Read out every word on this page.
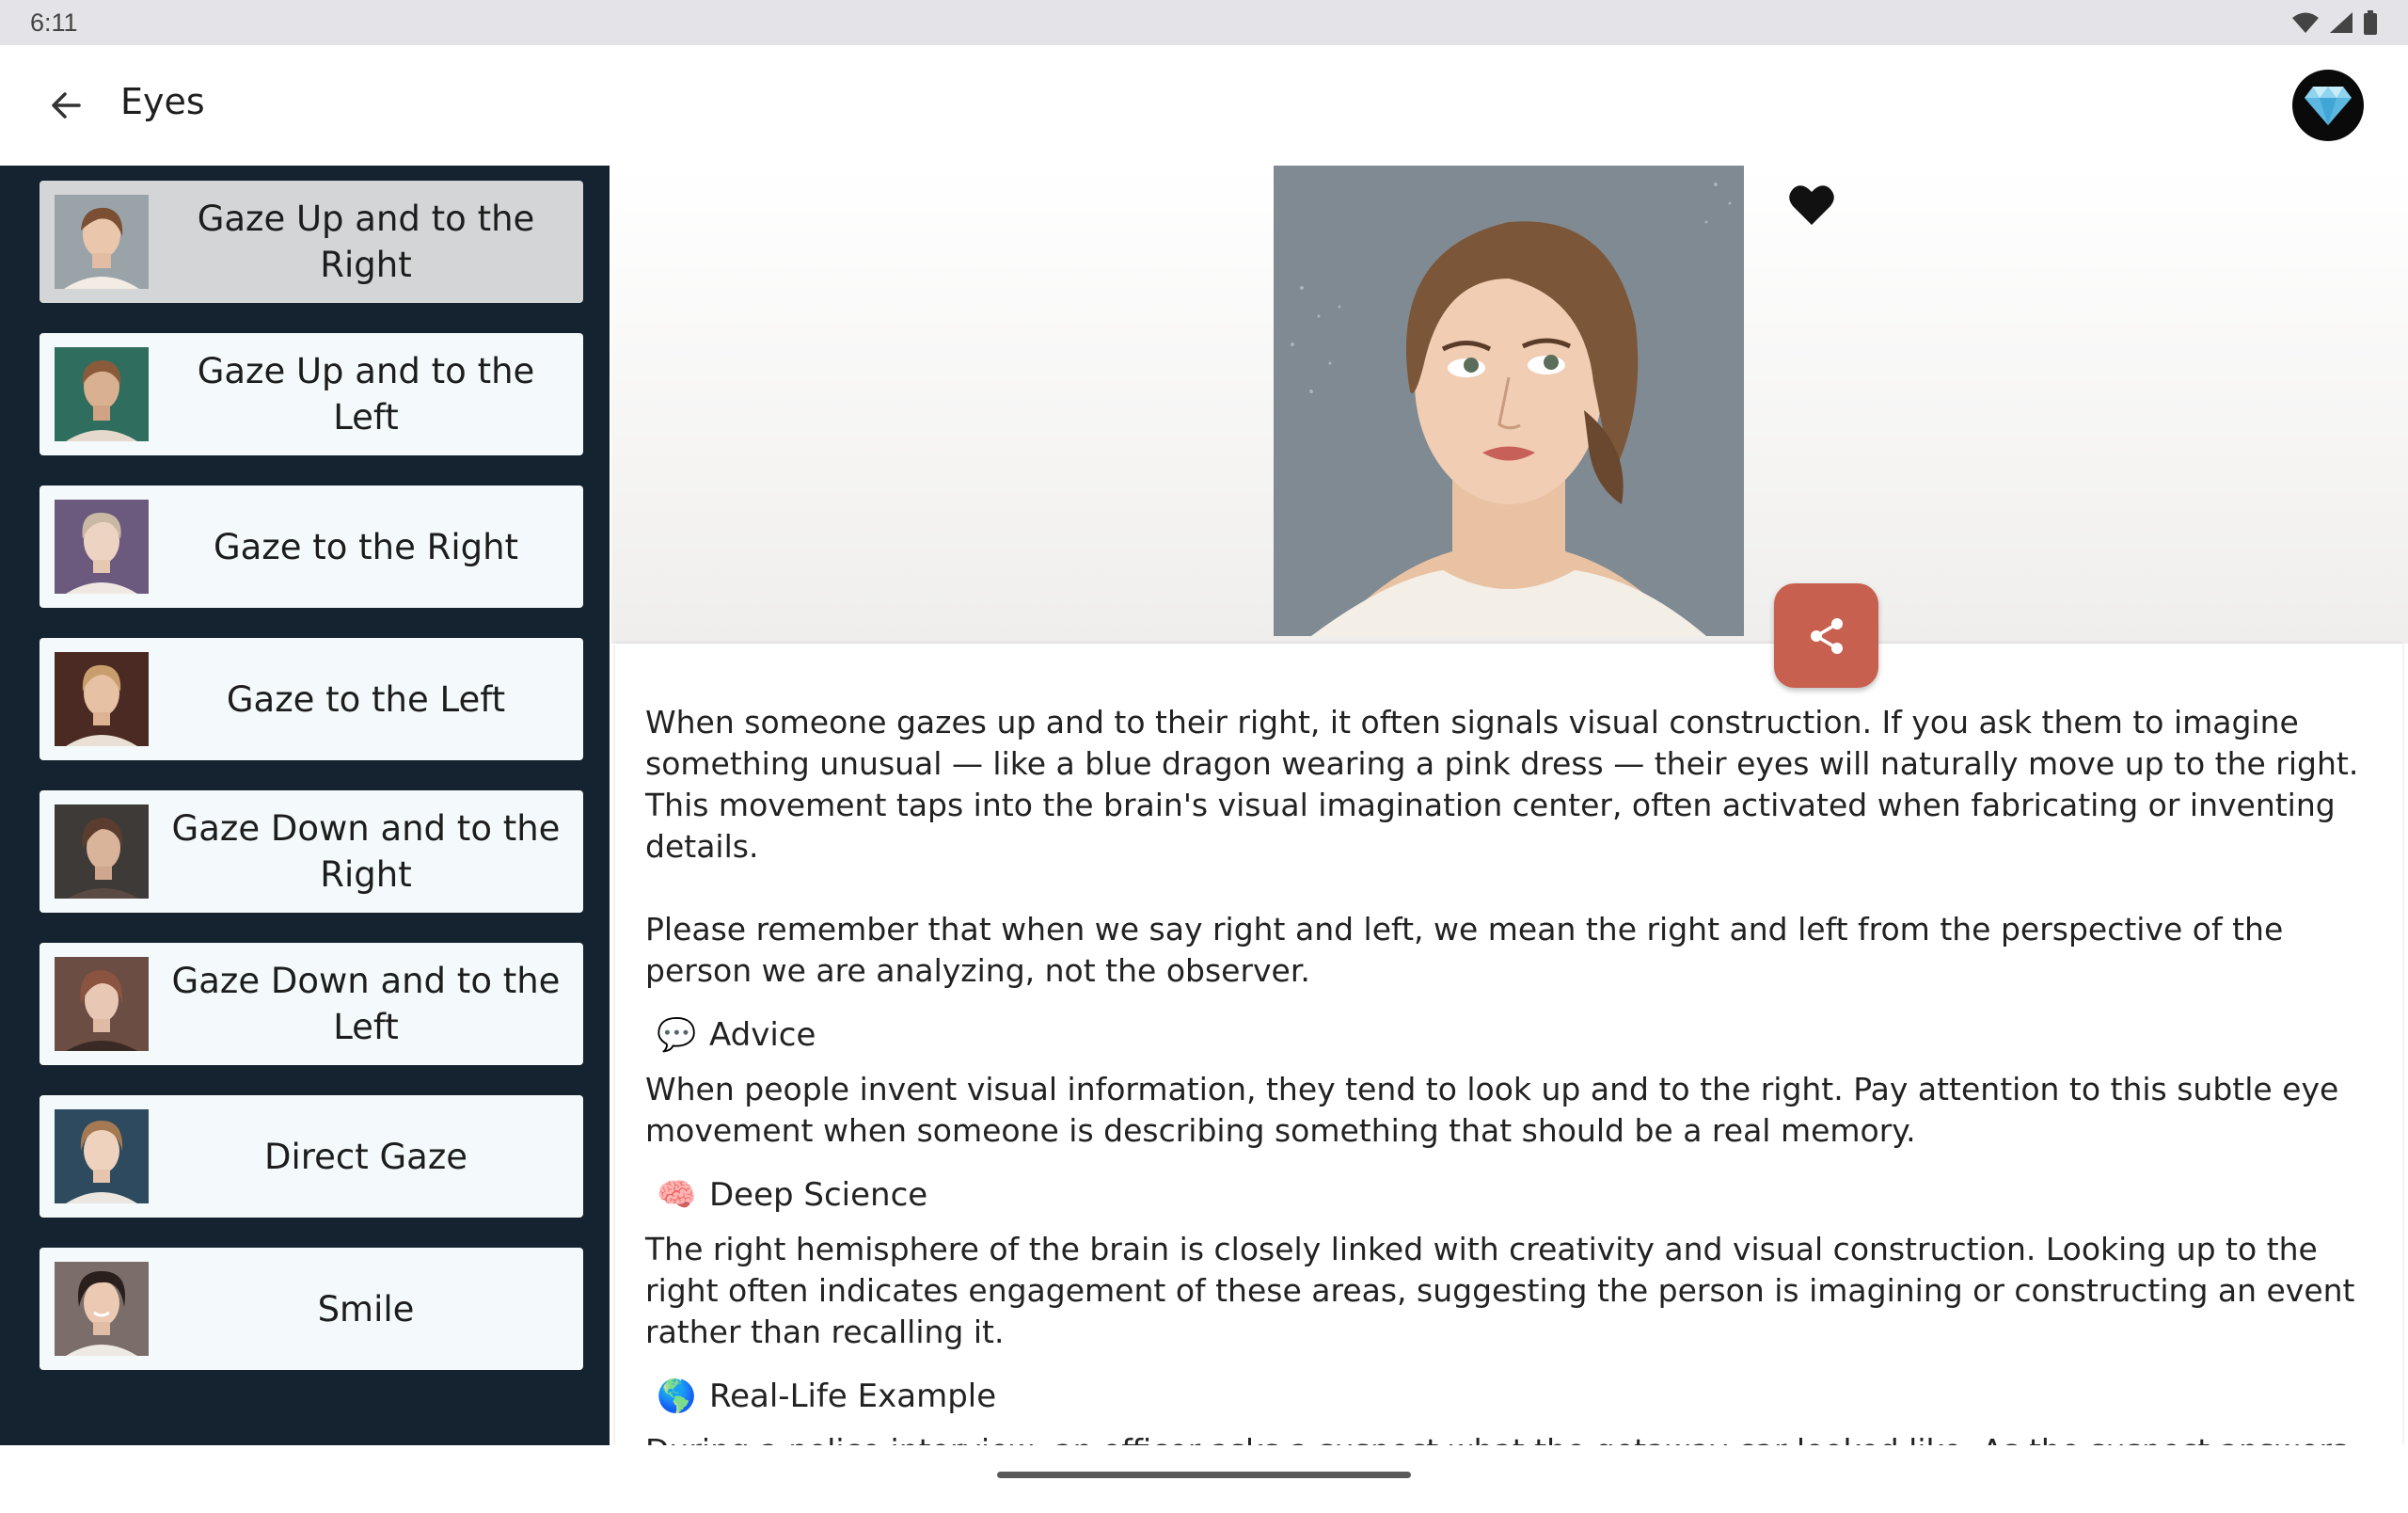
6:11
Eyes
Gaze Up and to the Right
Gaze Up and to the Left
Gaze to the Right
Gaze to the Left
Gaze Down and to the Right
Gaze Down and to the Left
Direct Gaze
Smile

When someone gazes up and to their right, it often signals visual construction. If you ask them to imagine something unusual — like a blue dragon wearing a pink dress — their eyes will naturally move up to the right. This movement taps into the brain's visual imagination center, often activated when fabricating or inventing details.

Please remember that when we say right and left, we mean the right and left from the perspective of the person we are analyzing, not the observer.

💬 Advice

When people invent visual information, they tend to look up and to the right. Pay attention to this subtle eye movement when someone is describing something that should be a real memory.

🧠 Deep Science

The right hemisphere of the brain is closely linked with creativity and visual construction. Looking up to the right often indicates engagement of these areas, suggesting the person is imagining or constructing an event rather than recalling it.

🌎 Real-Life Example
